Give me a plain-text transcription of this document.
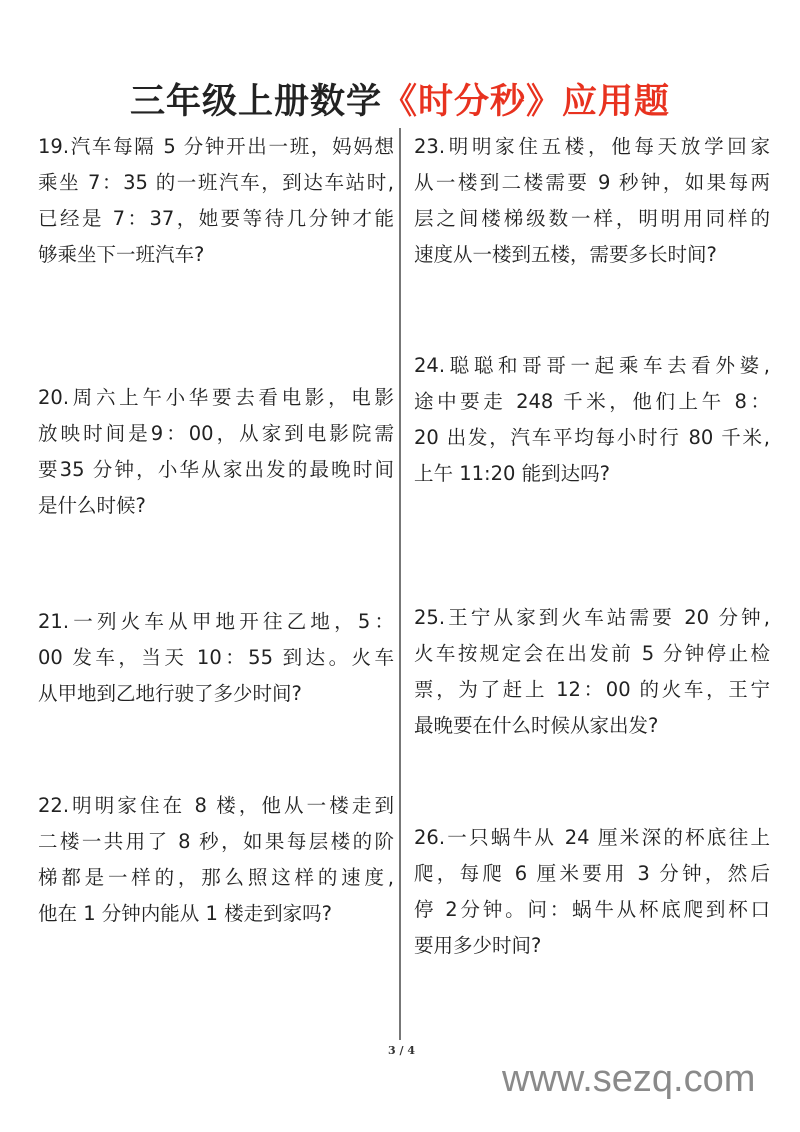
三年级上册数学《时分秒》应用题
19.汽车每隔 5 分钟开出一班，妈妈想
乘坐 7：35 的一班汽车，到达车站时,
已经是 7：37，她要等待几分钟才能
够乘坐下一班汽车?
20.周六上午小华要去看电影，电影
放映时间是9：00，从家到电影院需
要35 分钟，小华从家出发的最晚时间
是什么时候?
21.一列火车从甲地开往乙地，5：
00 发车，当天 10：55 到达。火车
从甲地到乙地行驶了多少时间?
22.明明家住在 8 楼，他从一楼走到
二楼一共用了 8 秒，如果每层楼的阶
梯都是一样的，那么照这样的速度,
他在 1 分钟内能从 1 楼走到家吗?
23.明明家住五楼，他每天放学回家
从一楼到二楼需要 9 秒钟，如果每两
层之间楼梯级数一样，明明用同样的
速度从一楼到五楼，需要多长时间?
24.聪聪和哥哥一起乘车去看外婆,
途中要走 248 千米，他们上午 8：
20 出发，汽车平均每小时行 80 千米,
上午 11:20 能到达吗?
25.王宁从家到火车站需要 20 分钟,
火车按规定会在出发前 5 分钟停止检
票，为了赶上 12：00 的火车，王宁
最晚要在什么时候从家出发?
26.一只蜗牛从 24 厘米深的杯底往上
爬，每爬 6 厘米要用 3 分钟，然后
停 2分钟。问：蜗牛从杯底爬到杯口
要用多少时间?
3 / 4
www.sezq.com
